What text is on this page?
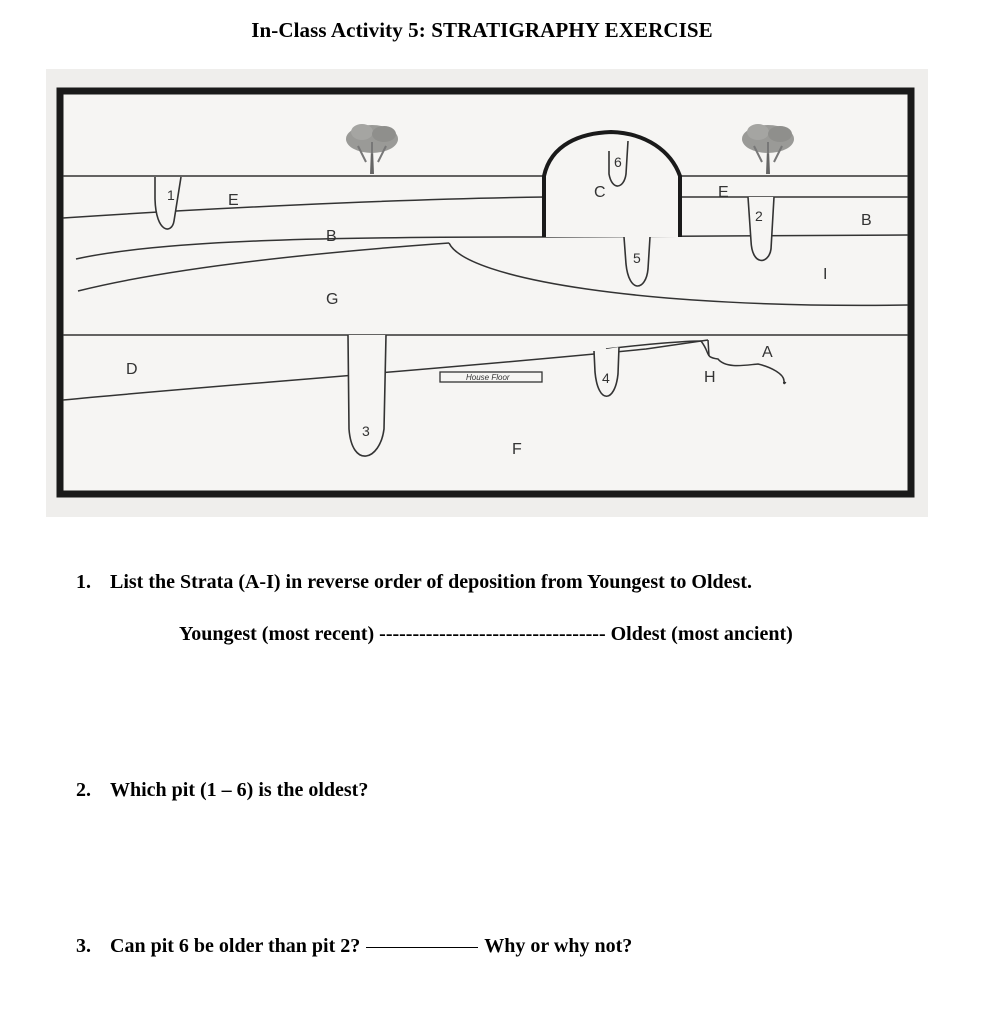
In-Class Activity 5: STRATIGRAPHY EXERCISE
House Floor
E	E
B
B
C
G
I
D
A
H
F
1
2
3
4
5
6
1. List the Strata (A-I) in reverse order of deposition from Youngest to Oldest.
Youngest (most recent) ---------------------------------- Oldest (most ancient)
2. Which pit (1 – 6) is the oldest?
3. Can pit 6 be older than pit 2?	Why or why not?
